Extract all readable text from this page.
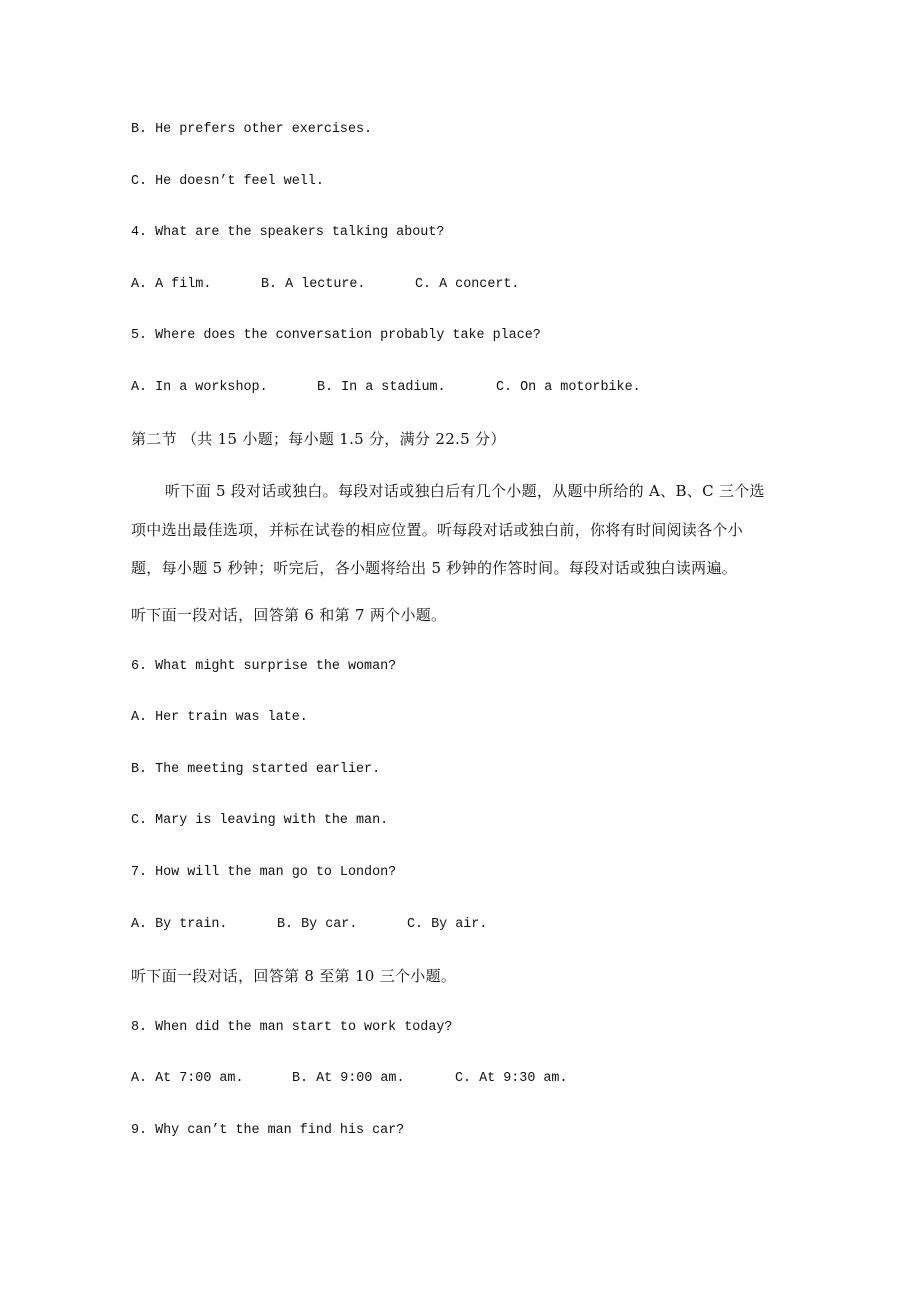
B. He prefers other exercises.
C. He doesn’t feel well.
4. What are the speakers talking about?
A. A film.	B. A lecture.	C. A concert.
5. Where does the conversation probably take place?
A. In a workshop.	B. In a stadium.	C. On a motorbike.
第二节 （共 15 小题；每小题 1.5 分，满分 22.5 分）
听下面 5 段对话或独白。每段对话或独白后有几个小题，从题中所给的 A、B、C 三个选
项中选出最佳选项，并标在试卷的相应位置。听每段对话或独白前，你将有时间阅读各个小
题，每小题 5 秒钟；听完后，各小题将给出 5 秒钟的作答时间。每段对话或独白读两遍。
听下面一段对话，回答第 6 和第 7 两个小题。
6. What might surprise the woman?
A. Her train was late.
B. The meeting started earlier.
C. Mary is leaving with the man.
7. How will the man go to London?
A. By train.	B. By car.	C. By air.
听下面一段对话，回答第 8 至第 10 三个小题。
8. When did the man start to work today?
A. At 7:00 am.	B. At 9:00 am.	C. At 9:30 am.
9. Why can’t the man find his car?
